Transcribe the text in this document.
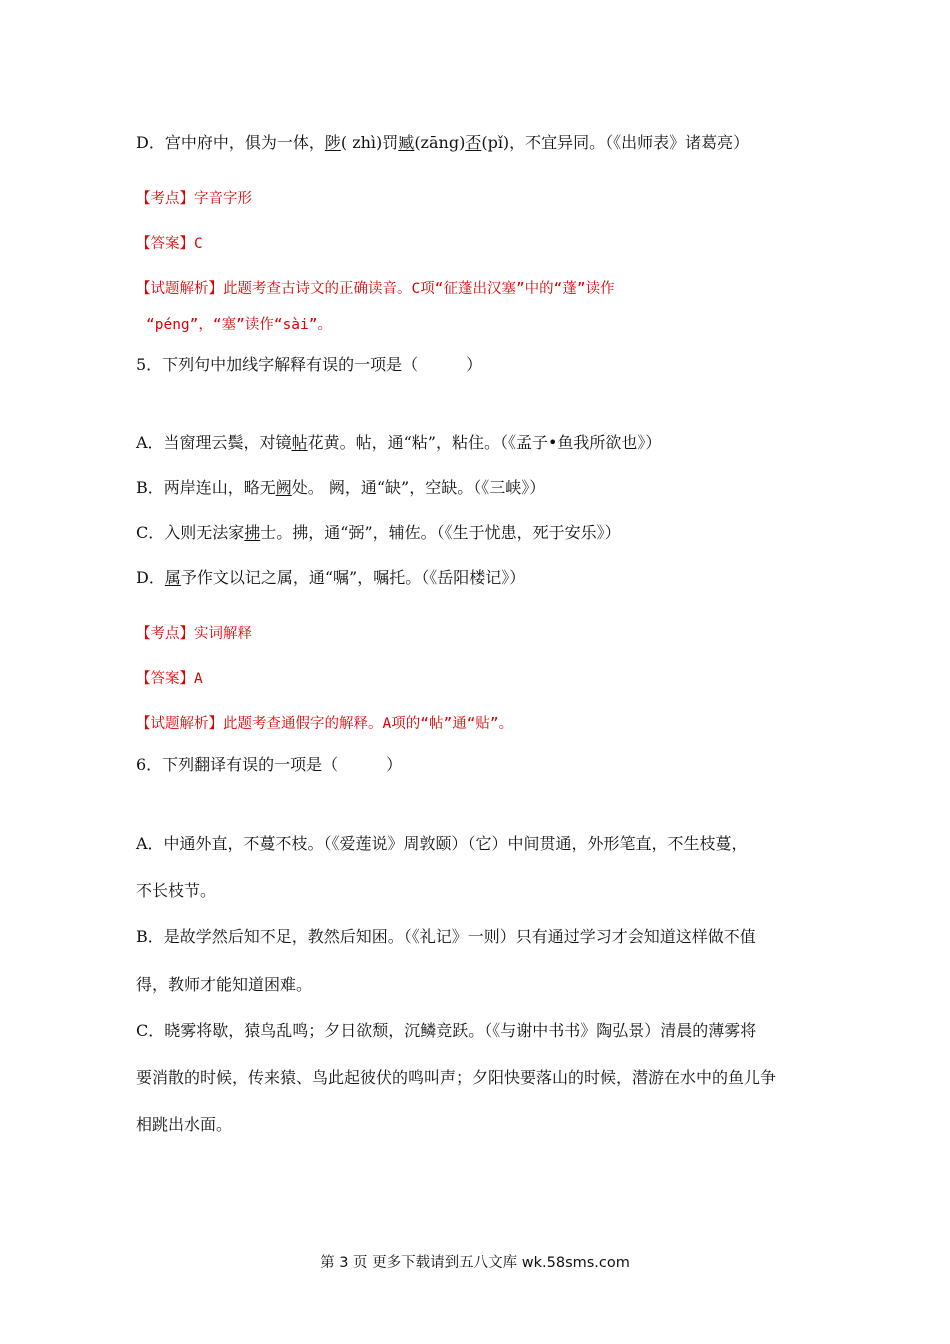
D．宫中府中，俱为一体，陟( zhì)罚臧(zāng)否(pǐ)，不宜异同。（《出师表》诸葛亮）
【考点】字音字形
【答案】C
【试题解析】此题考查古诗文的正确读音。C项“征蓬出汉塞”中的“蓬”读作
“péng”，“塞”读作“sài”。
5．下列句中加线字解释有误的一项是（　　　）
A．当窗理云鬓，对镜帖花黄。帖，通“粘”，粘住。（《孟子•鱼我所欲也》）
B．两岸连山，略无阙处。 阙，通“缺”，空缺。（《三峡》）
C．入则无法家拂士。拂，通“弼”，辅佐。（《生于忧患，死于安乐》）
D．属予作文以记之属，通“嘱”，嘱托。（《岳阳楼记》）
【考点】实词解释
【答案】A
【试题解析】此题考查通假字的解释。A项的“帖”通“贴”。
6．下列翻译有误的一项是（　　　）
A．中通外直，不蔓不枝。（《爱莲说》周敦颐）（它）中间贯通，外形笔直，不生枝蔓，
不长枝节。
B．是故学然后知不足，教然后知困。（《礼记》一则）只有通过学习才会知道这样做不值
得，教师才能知道困难。
C．晓雾将歇，猿鸟乱鸣；夕日欲颓，沉鳞竞跃。（《与谢中书书》陶弘景）清晨的薄雾将
要消散的时候，传来猿、鸟此起彼伏的鸣叫声；夕阳快要落山的时候，潜游在水中的鱼儿争
相跳出水面。
第 3 页 更多下载请到五八文库 wk.58sms.com
